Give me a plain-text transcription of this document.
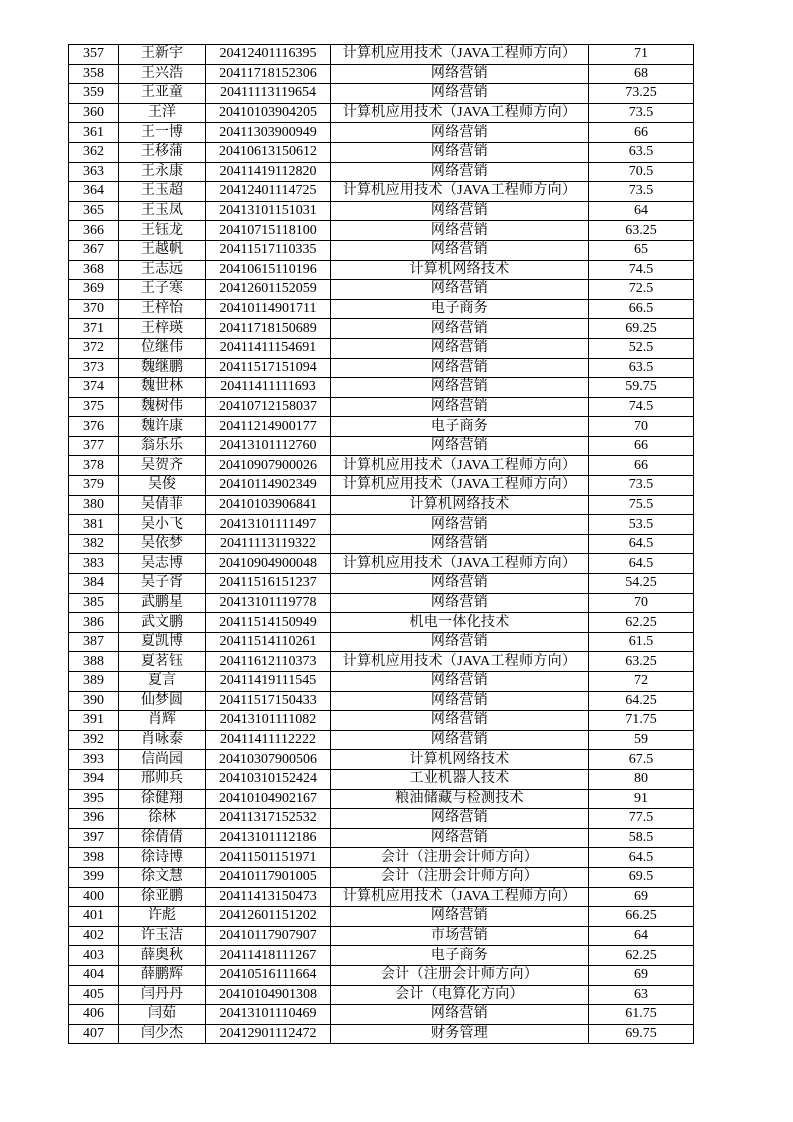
357	王新宇	20412401116395	计算机应用技术（JAVA工程师方向）	71
358	王兴浩	20411718152306	网络营销	68
359	王亚童	20411113119654	网络营销	73.25
360	王洋	20410103904205	计算机应用技术（JAVA工程师方向）	73.5
361	王一博	20411303900949	网络营销	66
362	王移蒲	20410613150612	网络营销	63.5
363	王永康	20411419112820	网络营销	70.5
364	王玉超	20412401114725	计算机应用技术（JAVA工程师方向）	73.5
365	王玉凤	20413101151031	网络营销	64
366	王钰龙	20410715118100	网络营销	63.25
367	王越帆	20411517110335	网络营销	65
368	王志远	20410615110196	计算机网络技术	74.5
369	王子寒	20412601152059	网络营销	72.5
370	王梓怡	20410114901711	电子商务	66.5
371	王梓瑛	20411718150689	网络营销	69.25
372	位继伟	20411411154691	网络营销	52.5
373	魏继鹏	20411517151094	网络营销	63.5
374	魏世林	20411411111693	网络营销	59.75
375	魏树伟	20410712158037	网络营销	74.5
376	魏许康	20411214900177	电子商务	70
377	翁乐乐	20413101112760	网络营销	66
378	吴贺齐	20410907900026	计算机应用技术（JAVA工程师方向）	66
379	吴俊	20410114902349	计算机应用技术（JAVA工程师方向）	73.5
380	吴倩菲	20410103906841	计算机网络技术	75.5
381	吴小飞	20413101111497	网络营销	53.5
382	吴依梦	20411113119322	网络营销	64.5
383	吴志博	20410904900048	计算机应用技术（JAVA工程师方向）	64.5
384	吴子胥	20411516151237	网络营销	54.25
385	武鹏星	20413101119778	网络营销	70
386	武文鹏	20411514150949	机电一体化技术	62.25
387	夏凯博	20411514110261	网络营销	61.5
388	夏茗钰	20411612110373	计算机应用技术（JAVA工程师方向）	63.25
389	夏言	20411419111545	网络营销	72
390	仙梦圆	20411517150433	网络营销	64.25
391	肖辉	20413101111082	网络营销	71.75
392	肖咏泰	20411411112222	网络营销	59
393	信尚园	20410307900506	计算机网络技术	67.5
394	邢帅兵	20410310152424	工业机器人技术	80
395	徐健翔	20410104902167	粮油储藏与检测技术	91
396	徐林	20411317152532	网络营销	77.5
397	徐倩倩	20413101112186	网络营销	58.5
398	徐诗博	20411501151971	会计（注册会计师方向）	64.5
399	徐文慧	20410117901005	会计（注册会计师方向）	69.5
400	徐亚鹏	20411413150473	计算机应用技术（JAVA工程师方向）	69
401	许彪	20412601151202	网络营销	66.25
402	许玉洁	20410117907907	市场营销	64
403	薛奥秋	20411418111267	电子商务	62.25
404	薛鹏辉	20410516111664	会计（注册会计师方向）	69
405	闫丹丹	20410104901308	会计（电算化方向）	63
406	闫茹	20413101110469	网络营销	61.75
407	闫少杰	20412901112472	财务管理	69.75
